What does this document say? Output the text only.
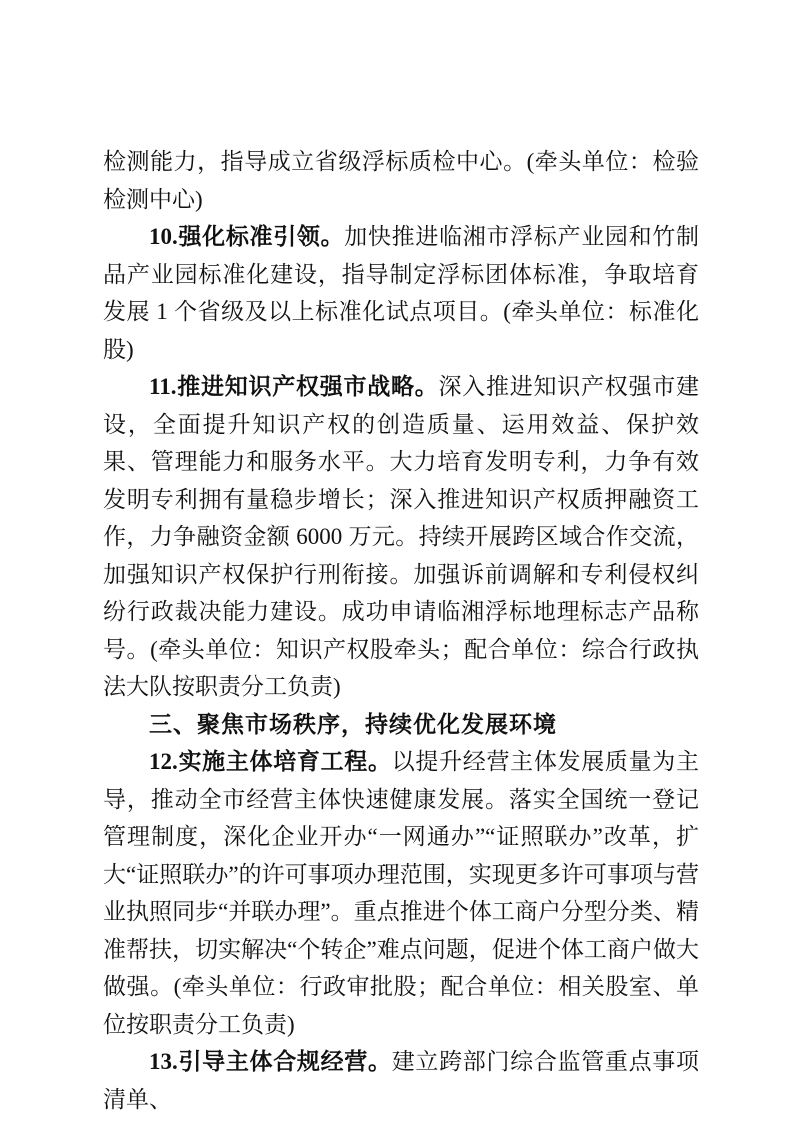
检测能力，指导成立省级浮标质检中心。(牵头单位：检验检测中心)

10.强化标准引领。加快推进临湘市浮标产业园和竹制品产业园标准化建设，指导制定浮标团体标准，争取培育发展 1 个省级及以上标准化试点项目。(牵头单位：标准化股)

11.推进知识产权强市战略。深入推进知识产权强市建设，全面提升知识产权的创造质量、运用效益、保护效果、管理能力和服务水平。大力培育发明专利，力争有效发明专利拥有量稳步增长；深入推进知识产权质押融资工作，力争融资金额 6000 万元。持续开展跨区域合作交流，加强知识产权保护行刑衔接。加强诉前调解和专利侵权纠纷行政裁决能力建设。成功申请临湘浮标地理标志产品称号。(牵头单位：知识产权股牵头；配合单位：综合行政执法大队按职责分工负责)

三、聚焦市场秩序，持续优化发展环境

12.实施主体培育工程。以提升经营主体发展质量为主导，推动全市经营主体快速健康发展。落实全国统一登记管理制度，深化企业开办“一网通办”“证照联办”改革，扩大“证照联办”的许可事项办理范围，实现更多许可事项与营业执照同步“并联办理”。重点推进个体工商户分型分类、精准帮扶，切实解决“个转企”难点问题，促进个体工商户做大做强。(牵头单位：行政审批股；配合单位：相关股室、单位按职责分工负责)

13.引导主体合规经营。建立跨部门综合监管重点事项清单、
